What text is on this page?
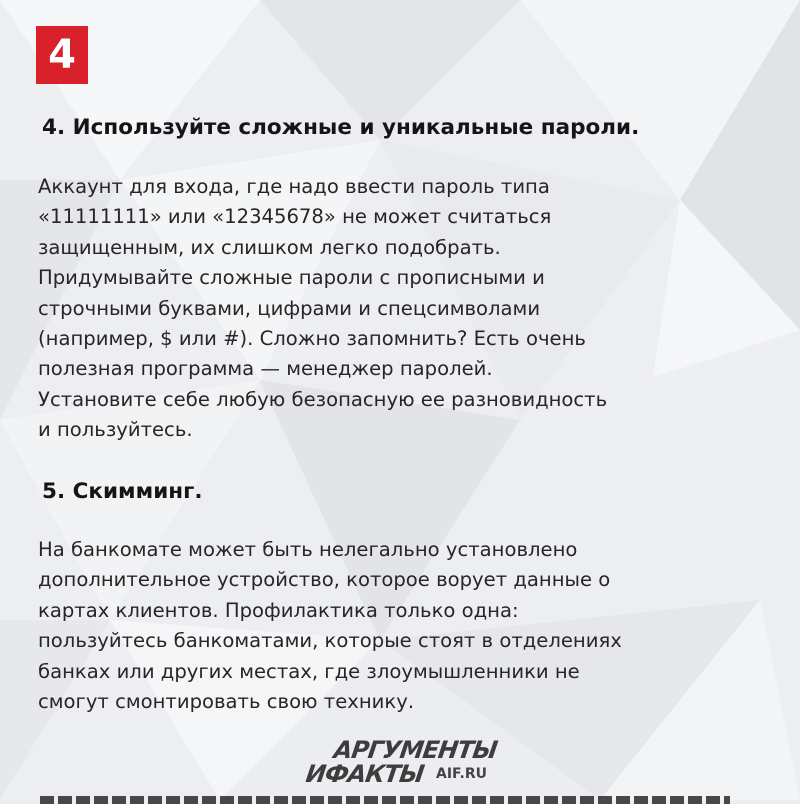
4
4. Используйте сложные и уникальные пароли.

Аккаунт для входа, где надо ввести пароль типа
«11111111» или «12345678» не может считаться
защищенным, их слишком легко подобрать.
Придумывайте сложные пароли с прописными и
строчными буквами, цифрами и спецсимволами
(например, $ или #). Сложно запомнить? Есть очень
полезная программа — менеджер паролей.
Установите себе любую безопасную ее разновидность
и пользуйтесь.

5. Скимминг.

На банкомате может быть нелегально установлено
дополнительное устройство, которое ворует данные о
картах клиентов. Профилактика только одна:
пользуйтесь банкоматами, которые стоят в отделениях
банках или других местах, где злоумышленники не
смогут смонтировать свою технику.

АРГУМЕНТЫ
ИФАКТЫ AIF.RU
